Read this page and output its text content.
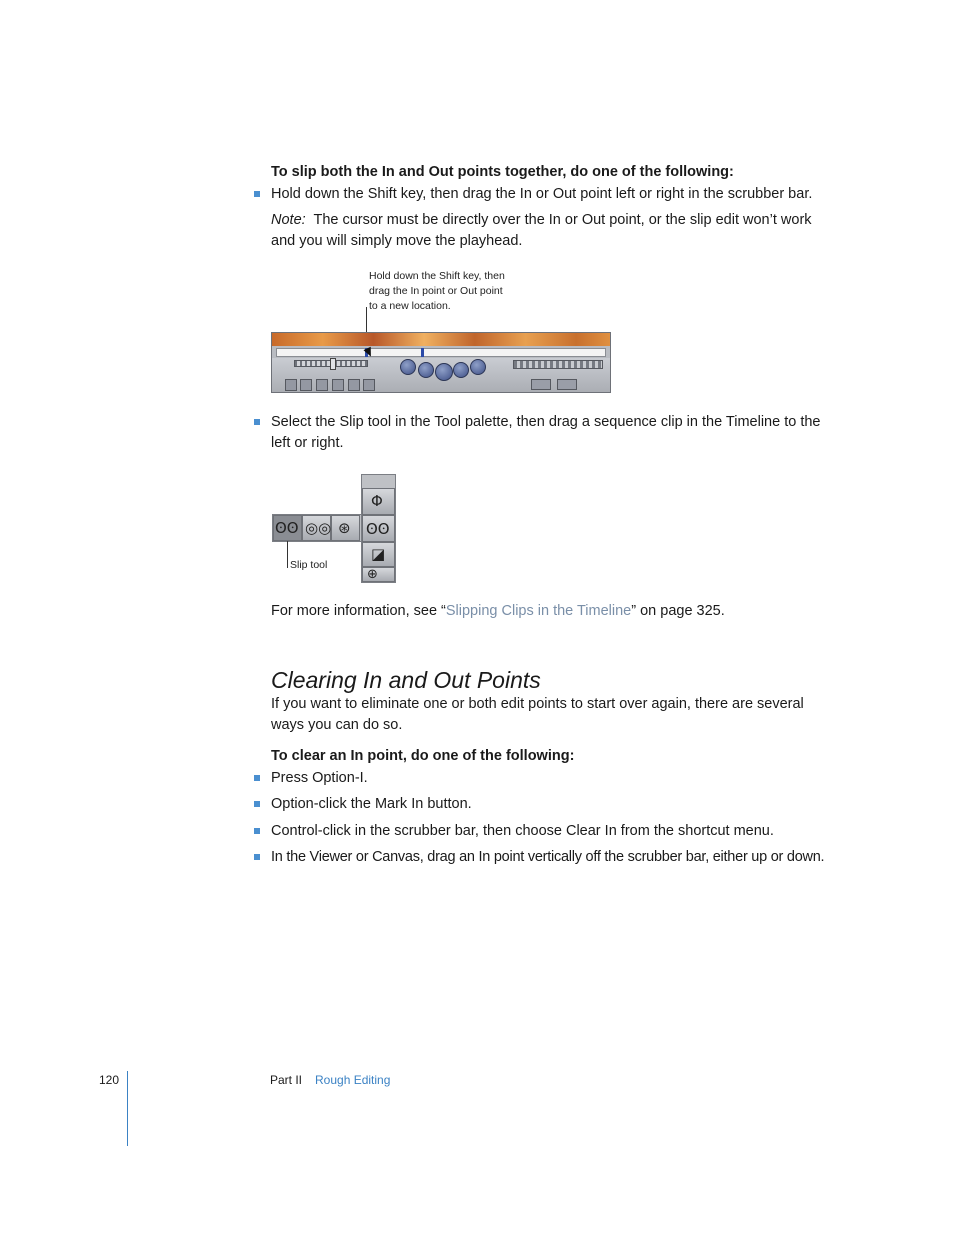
To slip both the In and Out points together, do one of the following:
Hold down the Shift key, then drag the In or Out point left or right in the scrubber bar.
Note: The cursor must be directly over the In or Out point, or the slip edit won’t work and you will simply move the playhead.
Hold down the Shift key, then
drag the In point or Out point
to a new location.
Select the Slip tool in the Tool palette, then drag a sequence clip in the Timeline to the left or right.
ʘʘ ◎◎ ⊛
Φ
ʘʘ
◪
⊕
Slip tool
For more information, see “Slipping Clips in the Timeline” on page 325.
Clearing In and Out Points
If you want to eliminate one or both edit points to start over again, there are several ways you can do so.
To clear an In point, do one of the following:
Press Option-I.
Option-click the Mark In button.
Control-click in the scrubber bar, then choose Clear In from the shortcut menu.
In the Viewer or Canvas, drag an In point vertically off the scrubber bar, either up or down.
120	Part II Rough Editing
